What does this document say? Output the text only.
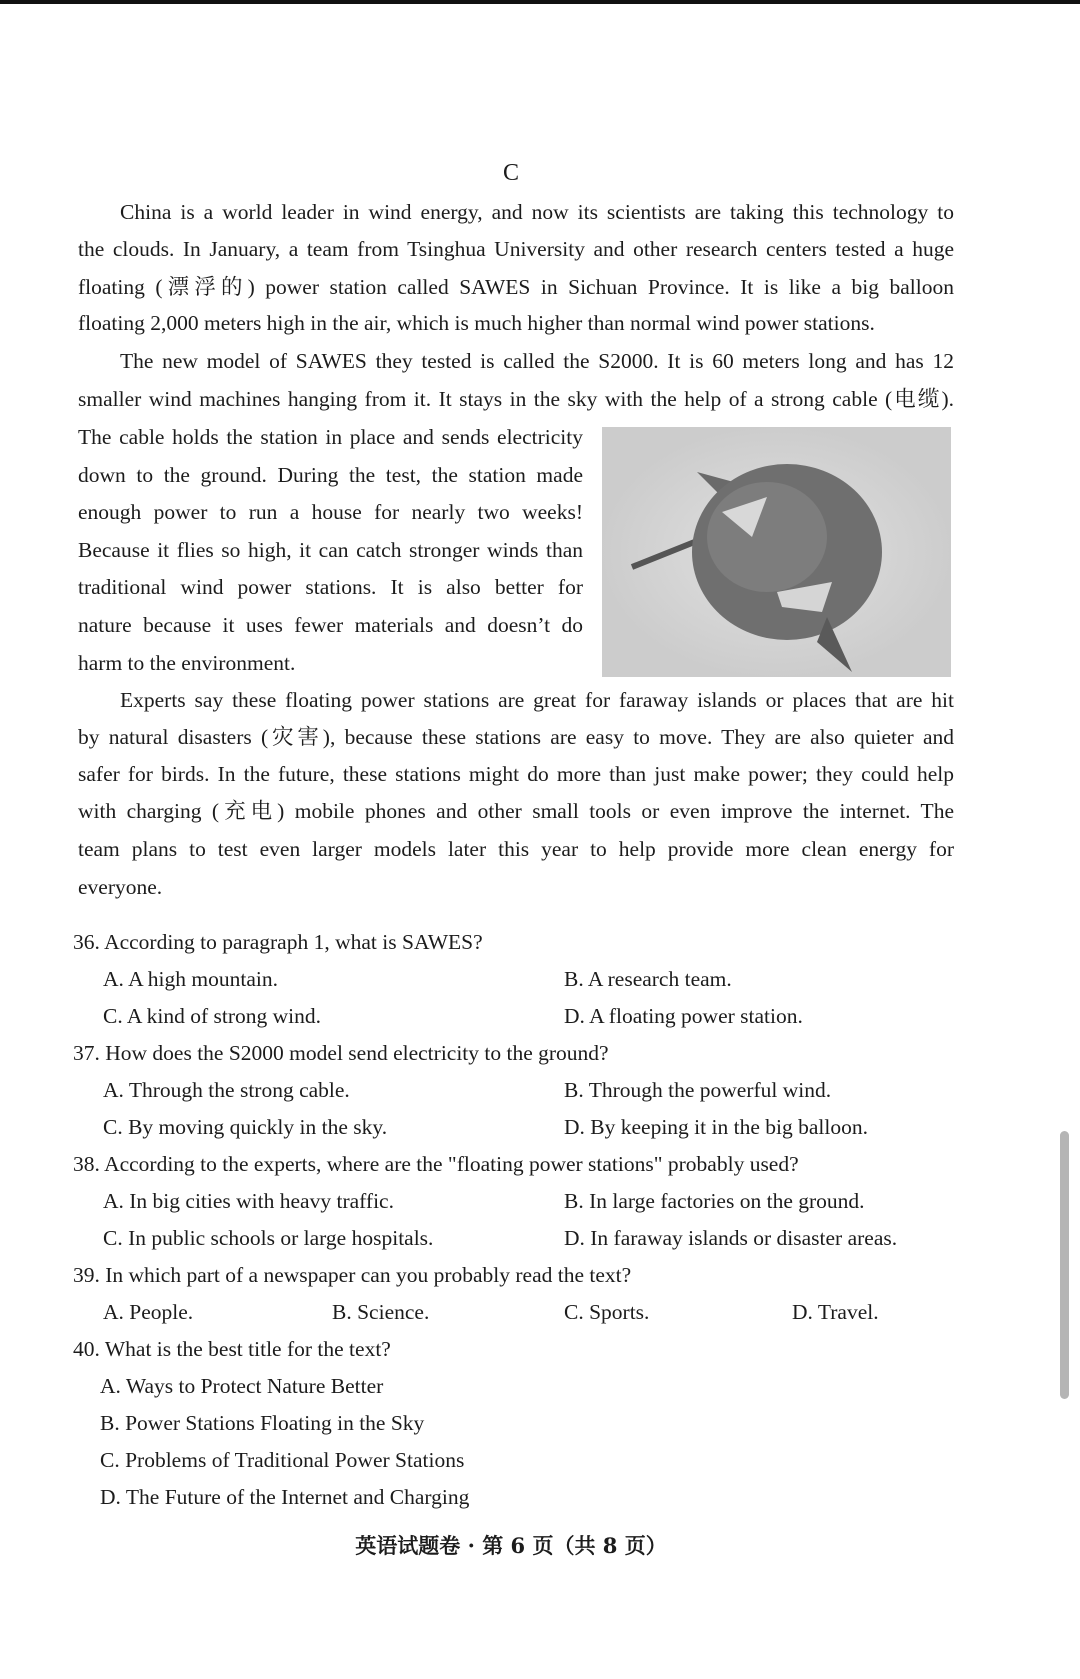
C
China is a world leader in wind energy, and now its scientists are taking this technology to
the clouds. In January, a team from Tsinghua University and other research centers tested a huge
floating (漂浮的) power station called SAWES in Sichuan Province. It is like a big balloon
floating 2,000 meters high in the air, which is much higher than normal wind power stations.
The new model of SAWES they tested is called the S2000. It is 60 meters long and has 12
smaller wind machines hanging from it. It stays in the sky with the help of a strong cable (电缆).
The cable holds the station in place and sends electricity
down to the ground. During the test, the station made
enough power to run a house for nearly two weeks!
Because it flies so high, it can catch stronger winds than
traditional wind power stations. It is also better for
nature because it uses fewer materials and doesn’t do
harm to the environment.
Experts say these floating power stations are great for faraway islands or places that are hit
by natural disasters (灾害), because these stations are easy to move. They are also quieter and
safer for birds. In the future, these stations might do more than just make power; they could help
with charging (充电) mobile phones and other small tools or even improve the internet. The
team plans to test even larger models later this year to help provide more clean energy for
everyone.
36. According to paragraph 1, what is SAWES?
A. A high mountain.	B. A research team.
C. A kind of strong wind.	D. A floating power station.
37. How does the S2000 model send electricity to the ground?
A. Through the strong cable.	B. Through the powerful wind.
C. By moving quickly in the sky.	D. By keeping it in the big balloon.
38. According to the experts, where are the "floating power stations" probably used?
A. In big cities with heavy traffic.	B. In large factories on the ground.
C. In public schools or large hospitals.	D. In faraway islands or disaster areas.
39. In which part of a newspaper can you probably read the text?
A. People.	B. Science.	C. Sports.	D. Travel.
40. What is the best title for the text?
A. Ways to Protect Nature Better
B. Power Stations Floating in the Sky
C. Problems of Traditional Power Stations
D. The Future of the Internet and Charging
英语试题卷 · 第 6 页（共 8 页）
